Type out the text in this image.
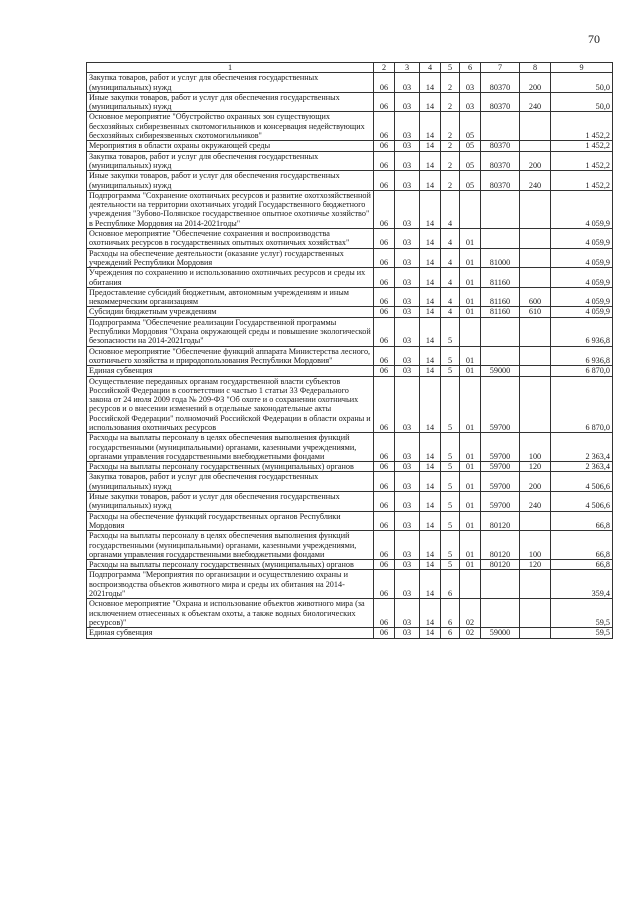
70
1	2	3	4	5	6	7	8	9
Закупка товаров, работ и услуг для обеспечения государственных (муниципальных) нужд	06	03	14	2	03	80370	200	50,0
Иные закупки товаров, работ и услуг для обеспечения государственных (муниципальных) нужд	06	03	14	2	03	80370	240	50,0
Основное мероприятие "Обустройство охранных зон существующих бесхозяйных сибирезвенных скотомогильников и консервация недействующих бесхозяйных сибиреязвенных скотомогильников"	06	03	14	2	05			1 452,2
Мероприятия в области охраны окружающей среды	06	03	14	2	05	80370		1 452,2
Закупка товаров, работ и услуг для обеспечения государственных (муниципальных) нужд	06	03	14	2	05	80370	200	1 452,2
Иные закупки товаров, работ и услуг для обеспечения государственных (муниципальных) нужд	06	03	14	2	05	80370	240	1 452,2
Подпрограмма "Сохранение охотничьих ресурсов и развитие охотхозяйственной деятельности на территории охотничьих угодий Государственного бюджетного учреждения "Зубово-Полянское государственное опытное охотничье хозяйство" в Республике Мордовия на 2014-2021годы"	06	03	14	4				4 059,9
Основное мероприятие "Обеспечение сохранения и воспроизводства охотничьих ресурсов в государственных опытных охотничьих хозяйствах"	06	03	14	4	01			4 059,9
Расходы на обеспечение деятельности (оказание услуг) государственных учреждений Республики Мордовия	06	03	14	4	01	81000		4 059,9
Учреждения по сохранению и использованию охотничьих ресурсов и среды их обитания	06	03	14	4	01	81160		4 059,9
Предоставление субсидий бюджетным, автономным учреждениям и иным некоммерческим организациям	06	03	14	4	01	81160	600	4 059,9
Субсидии бюджетным учреждениям	06	03	14	4	01	81160	610	4 059,9
Подпрограмма "Обеспечение реализации Государственной программы Республики Мордовия "Охрана окружающей среды и повышение экологической безопасности на 2014-2021годы"	06	03	14	5				6 936,8
Основное мероприятие "Обеспечение функций аппарата Министерства лесного, охотничьего хозяйства и природопользования Республики Мордовия"	06	03	14	5	01			6 936,8
Единая субвенция	06	03	14	5	01	59000		6 870,0
Осуществление переданных органам государственной власти субъектов Российской Федерации в соответствии с частью 1 статьи 33 Федерального закона от 24 июля 2009 года № 209-ФЗ "Об охоте и о сохранении охотничьих ресурсов и о внесении изменений в отдельные законодательные акты Российской Федерации" полномочий Российской Федерации в области охраны и использования охотничьих ресурсов	06	03	14	5	01	59700		6 870,0
Расходы на выплаты персоналу в целях обеспечения выполнения функций государственными (муниципальными) органами, казенными учреждениями, органами управления государственными внебюджетными фондами	06	03	14	5	01	59700	100	2 363,4
Расходы на выплаты персоналу государственных (муниципальных) органов	06	03	14	5	01	59700	120	2 363,4
Закупка товаров, работ и услуг для обеспечения государственных (муниципальных) нужд	06	03	14	5	01	59700	200	4 506,6
Иные закупки товаров, работ и услуг для обеспечения государственных (муниципальных) нужд	06	03	14	5	01	59700	240	4 506,6
Расходы на обеспечение функций государственных органов Республики Мордовия	06	03	14	5	01	80120		66,8
Расходы на выплаты персоналу в целях обеспечения выполнения функций государственными (муниципальными) органами, казенными учреждениями, органами управления государственными внебюджетными фондами	06	03	14	5	01	80120	100	66,8
Расходы на выплаты персоналу государственных (муниципальных) органов	06	03	14	5	01	80120	120	66,8
Подпрограмма "Мероприятия по организации и осуществлению охраны и воспроизводства объектов животного мира и среды их обитания на 2014-2021годы"	06	03	14	6				359,4
Основное мероприятие "Охрана и использование объектов животного мира (за исключением отнесенных к объектам охоты, а также водных биологических ресурсов)"	06	03	14	6	02			59,5
Единая субвенция	06	03	14	6	02	59000		59,5
